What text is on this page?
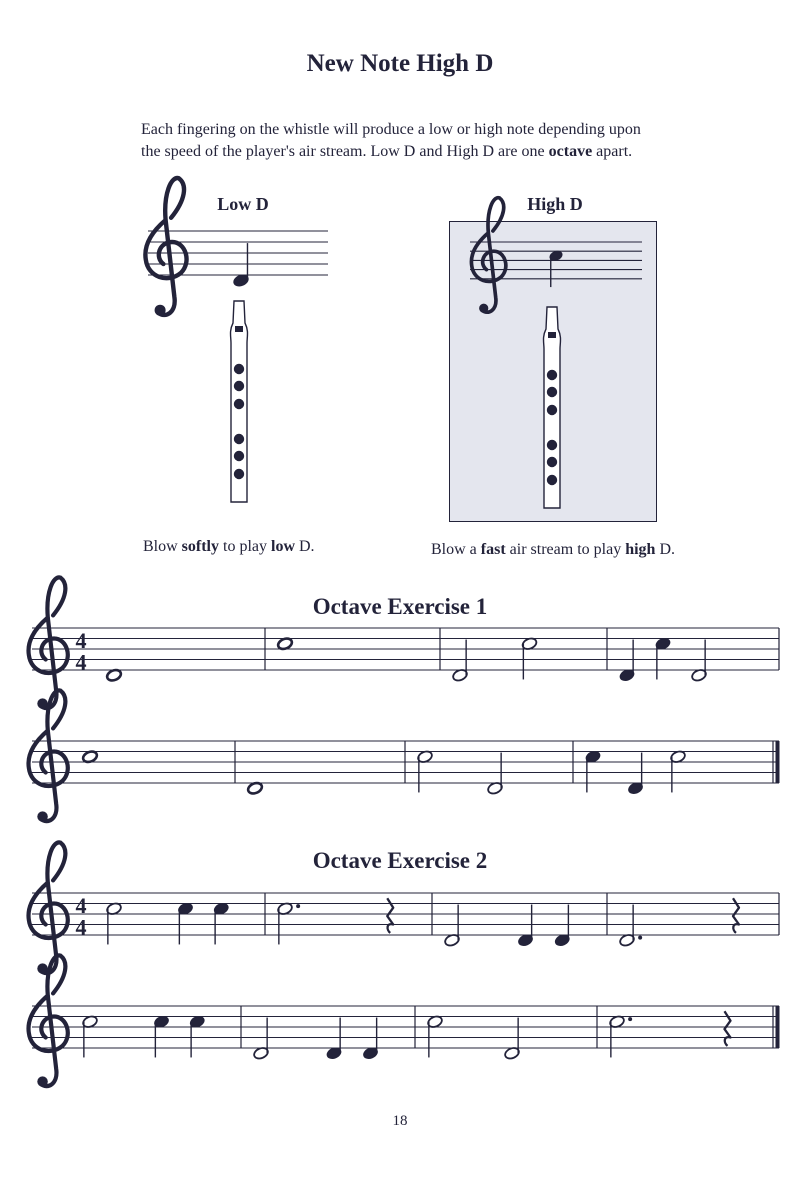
New Note High D
Each fingering on the whistle will produce a low or high note depending upon
the speed of the player's air stream. Low D and High D are one octave apart.
Low D	High D
Blow softly to play low D.	Blow a fast air stream to play high D.
Octave Exercise 1
Octave Exercise 2
18
4
4
4
4
